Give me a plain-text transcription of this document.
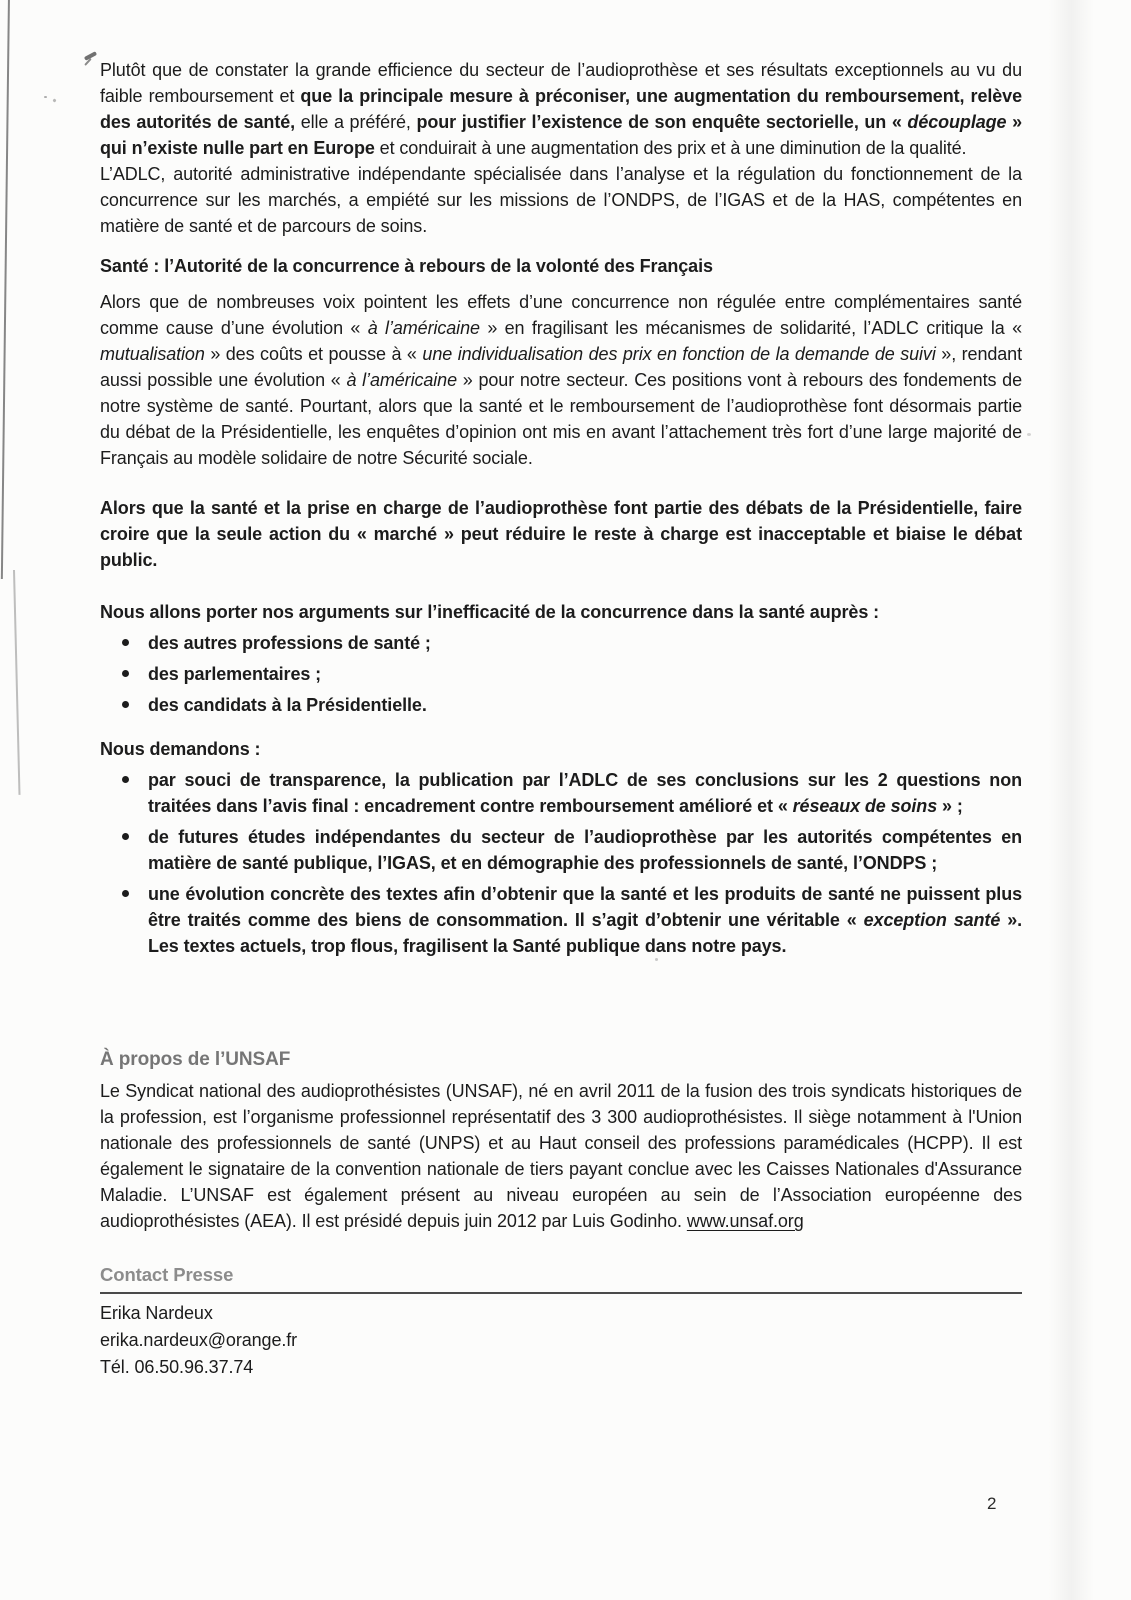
Plutôt que de constater la grande efficience du secteur de l’audioprothèse et ses résultats exceptionnels au vu du faible remboursement et que la principale mesure à préconiser, une augmentation du remboursement, relève des autorités de santé, elle a préféré, pour justifier l’existence de son enquête sectorielle, un « découplage » qui n’existe nulle part en Europe et conduirait à une augmentation des prix et à une diminution de la qualité.

L’ADLC, autorité administrative indépendante spécialisée dans l’analyse et la régulation du fonctionnement de la concurrence sur les marchés, a empiété sur les missions de l’ONDPS, de l’IGAS et de la HAS, compétentes en matière de santé et de parcours de soins.

Santé : l’Autorité de la concurrence à rebours de la volonté des Français

Alors que de nombreuses voix pointent les effets d’une concurrence non régulée entre complémentaires santé comme cause d’une évolution « à l’américaine » en fragilisant les mécanismes de solidarité, l’ADLC critique la « mutualisation » des coûts et pousse à « une individualisation des prix en fonction de la demande de suivi », rendant aussi possible une évolution « à l’américaine » pour notre secteur. Ces positions vont à rebours des fondements de notre système de santé. Pourtant, alors que la santé et le remboursement de l’audioprothèse font désormais partie du débat de la Présidentielle, les enquêtes d’opinion ont mis en avant l’attachement très fort d’une large majorité de Français au modèle solidaire de notre Sécurité sociale.

Alors que la santé et la prise en charge de l’audioprothèse font partie des débats de la Présidentielle, faire croire que la seule action du « marché » peut réduire le reste à charge est inacceptable et biaise le débat public.

Nous allons porter nos arguments sur l’inefficacité de la concurrence dans la santé auprès :

des autres professions de santé ;
des parlementaires ;
des candidats à la Présidentielle.

Nous demandons :

par souci de transparence, la publication par l’ADLC de ses conclusions sur les 2 questions non traitées dans l’avis final : encadrement contre remboursement amélioré et « réseaux de soins » ;
de futures études indépendantes du secteur de l’audioprothèse par les autorités compétentes en matière de santé publique, l’IGAS, et en démographie des professionnels de santé, l’ONDPS ;
une évolution concrète des textes afin d’obtenir que la santé et les produits de santé ne puissent plus être traités comme des biens de consommation. Il s’agit d’obtenir une véritable « exception santé ». Les textes actuels, trop flous, fragilisent la Santé publique dans notre pays.

À propos de l’UNSAF

Le Syndicat national des audioprothésistes (UNSAF), né en avril 2011 de la fusion des trois syndicats historiques de la profession, est l’organisme professionnel représentatif des 3 300 audioprothésistes. Il siège notamment à l'Union nationale des professionnels de santé (UNPS) et au Haut conseil des professions paramédicales (HCPP). Il est également le signataire de la convention nationale de tiers payant conclue avec les Caisses Nationales d'Assurance Maladie. L’UNSAF est également présent au niveau européen au sein de l’Association européenne des audioprothésistes (AEA). Il est présidé depuis juin 2012 par Luis Godinho. www.unsaf.org

Contact Presse

Erika Nardeux

erika.nardeux@orange.fr

Tél. 06.50.96.37.74

2
